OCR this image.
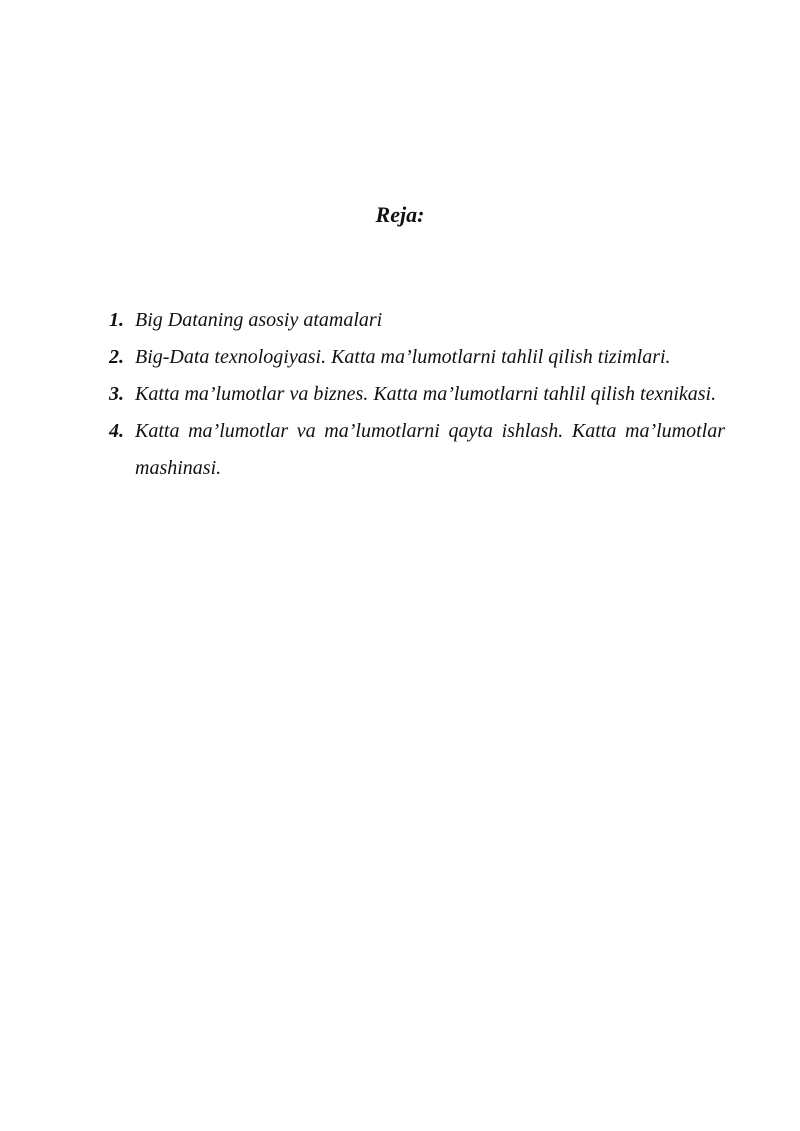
Reja:
1. Big Dataning asosiy atamalari
2. Big-Data texnologiyasi. Katta ma’lumotlarni tahlil qilish tizimlari.
3. Katta ma’lumotlar va biznes. Katta ma’lumotlarni tahlil qilish texnikasi.
4. Katta ma’lumotlar va ma’lumotlarni qayta ishlash. Katta ma’lumotlar mashinasi.
